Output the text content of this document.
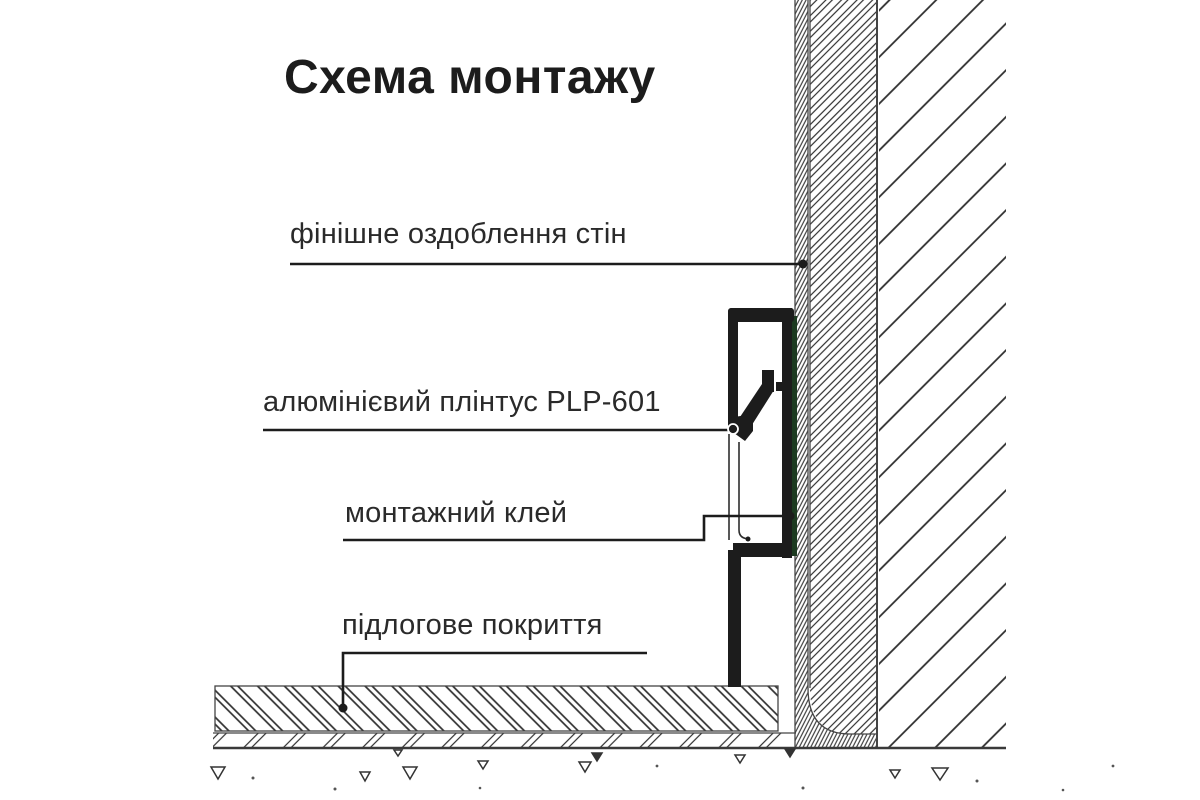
Схема монтажу
фінішне оздоблення стін
алюмінієвий плінтус PLP-601
монтажний клей
підлогове покриття
